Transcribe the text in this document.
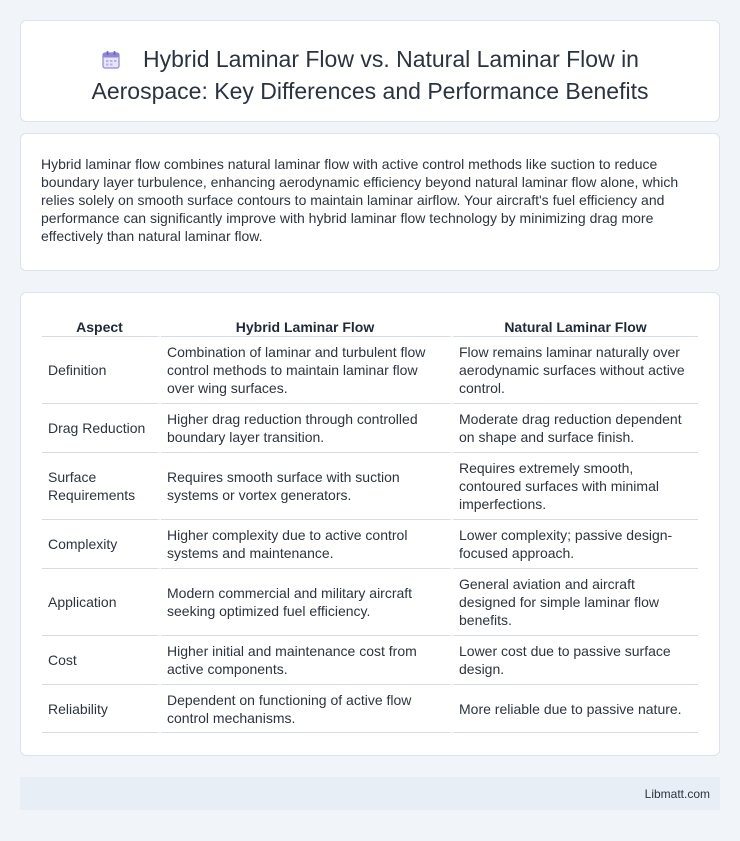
Hybrid Laminar Flow vs. Natural Laminar Flow in Aerospace: Key Differences and Performance Benefits

Hybrid laminar flow combines natural laminar flow with active control methods like suction to reduce boundary layer turbulence, enhancing aerodynamic efficiency beyond natural laminar flow alone, which relies solely on smooth surface contours to maintain laminar airflow. Your aircraft's fuel efficiency and performance can significantly improve with hybrid laminar flow technology by minimizing drag more effectively than natural laminar flow.

Aspect	Hybrid Laminar Flow	Natural Laminar Flow
Definition	Combination of laminar and turbulent flow control methods to maintain laminar flow over wing surfaces.	Flow remains laminar naturally over aerodynamic surfaces without active control.
Drag Reduction	Higher drag reduction through controlled boundary layer transition.	Moderate drag reduction dependent on shape and surface finish.
Surface Requirements	Requires smooth surface with suction systems or vortex generators.	Requires extremely smooth, contoured surfaces with minimal imperfections.
Complexity	Higher complexity due to active control systems and maintenance.	Lower complexity; passive design-focused approach.
Application	Modern commercial and military aircraft seeking optimized fuel efficiency.	General aviation and aircraft designed for simple laminar flow benefits.
Cost	Higher initial and maintenance cost from active components.	Lower cost due to passive surface design.
Reliability	Dependent on functioning of active flow control mechanisms.	More reliable due to passive nature.
Libmatt.com
